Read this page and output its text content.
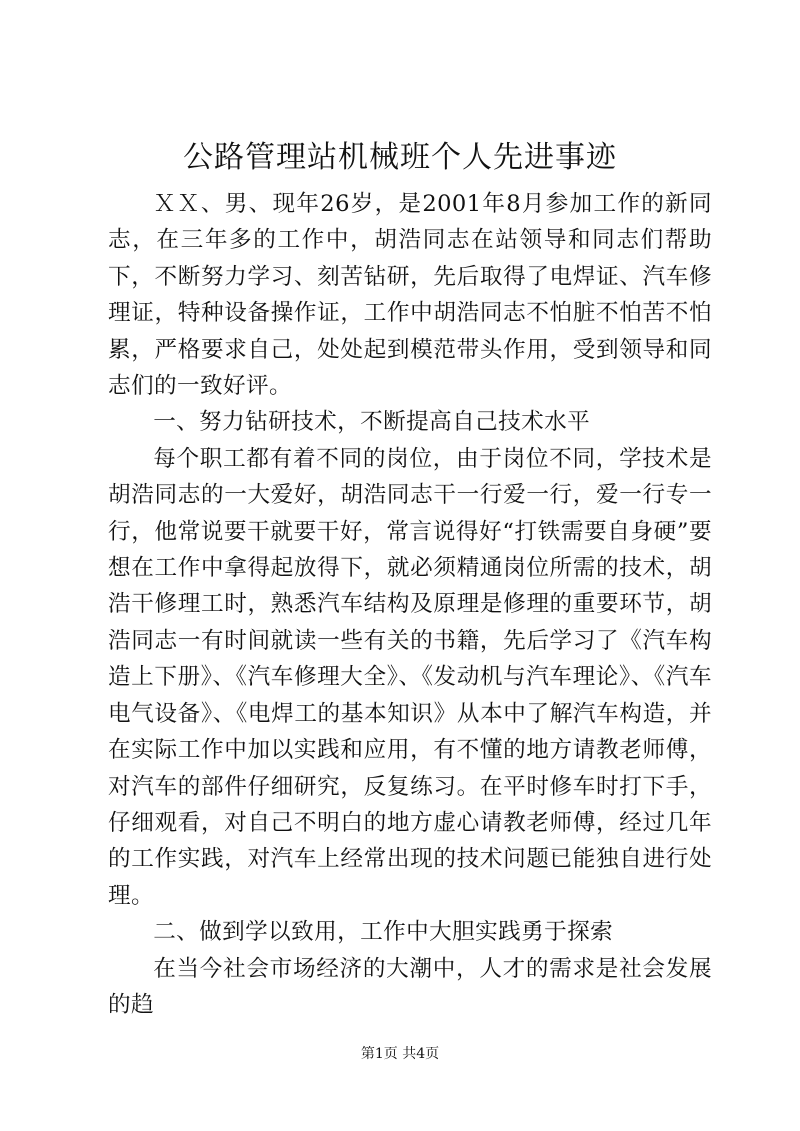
公路管理站机械班个人先进事迹

ＸＸ、男、现年26岁，是2001年8月参加工作的新同志，在三年多的工作中，胡浩同志在站领导和同志们帮助下，不断努力学习、刻苦钻研，先后取得了电焊证、汽车修理证，特种设备操作证，工作中胡浩同志不怕脏不怕苦不怕累，严格要求自己，处处起到模范带头作用，受到领导和同志们的一致好评。

一、努力钻研技术，不断提高自己技术水平

每个职工都有着不同的岗位，由于岗位不同，学技术是胡浩同志的一大爱好，胡浩同志干一行爱一行，爱一行专一行，他常说要干就要干好，常言说得好“打铁需要自身硬”要想在工作中拿得起放得下，就必须精通岗位所需的技术，胡浩干修理工时，熟悉汽车结构及原理是修理的重要环节，胡浩同志一有时间就读一些有关的书籍，先后学习了《汽车构造上下册》、《汽车修理大全》、《发动机与汽车理论》、《汽车电气设备》、《电焊工的基本知识》从本中了解汽车构造，并在实际工作中加以实践和应用，有不懂的地方请教老师傅，对汽车的部件仔细研究，反复练习。在平时修车时打下手，仔细观看，对自己不明白的地方虚心请教老师傅，经过几年的工作实践，对汽车上经常出现的技术问题已能独自进行处理。

二、做到学以致用，工作中大胆实践勇于探索

在当今社会市场经济的大潮中，人才的需求是社会发展的趋

第1页 共4页
